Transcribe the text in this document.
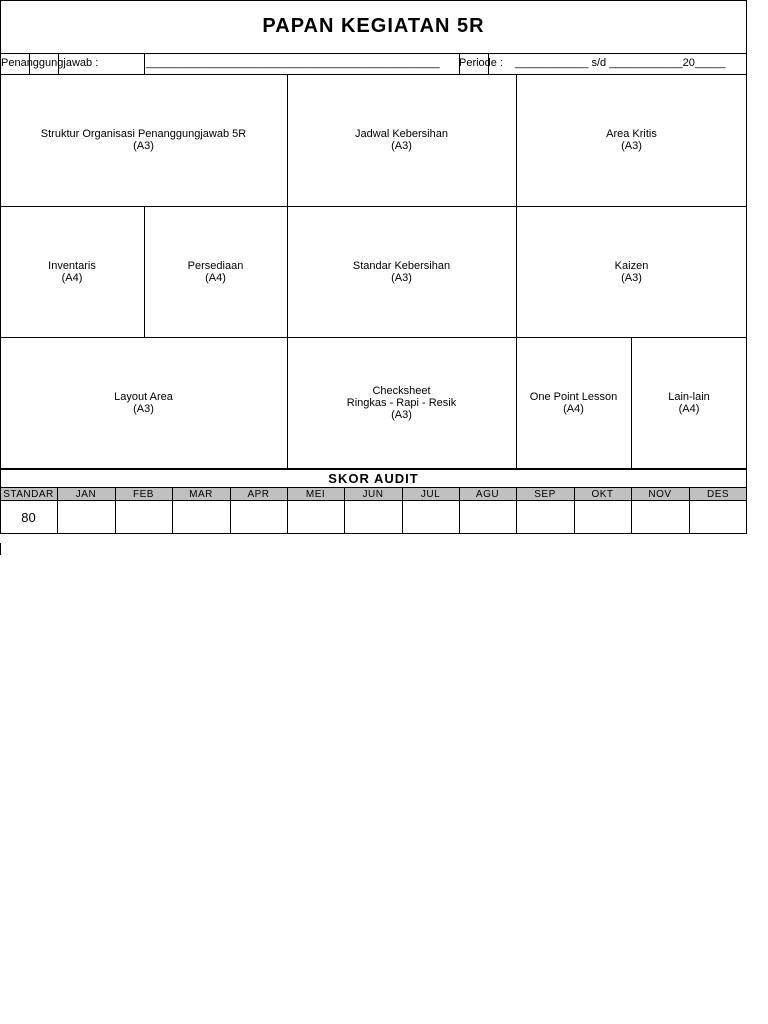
PAPAN KEGIATAN 5R
Penanggungjawab :	________________________________________________ Periode : ____________ s/d ____________20_____
Struktur Organisasi Penanggungjawab 5R
(A3)
Jadwal Kebersihan
(A3)
Area Kritis
(A3)
Inventaris
(A4)
Persediaan
(A4)
Standar Kebersihan
(A3)
Kaizen
(A3)
Layout Area
(A3)
Checksheet
Ringkas - Rapi - Resik
(A3)
One Point Lesson
(A4)
Lain-lain
(A4)
SKOR AUDIT
STANDAR	JAN	FEB	MAR	APR	MEI	JUN	JUL	AGU	SEP	OKT	NOV	DES
80
